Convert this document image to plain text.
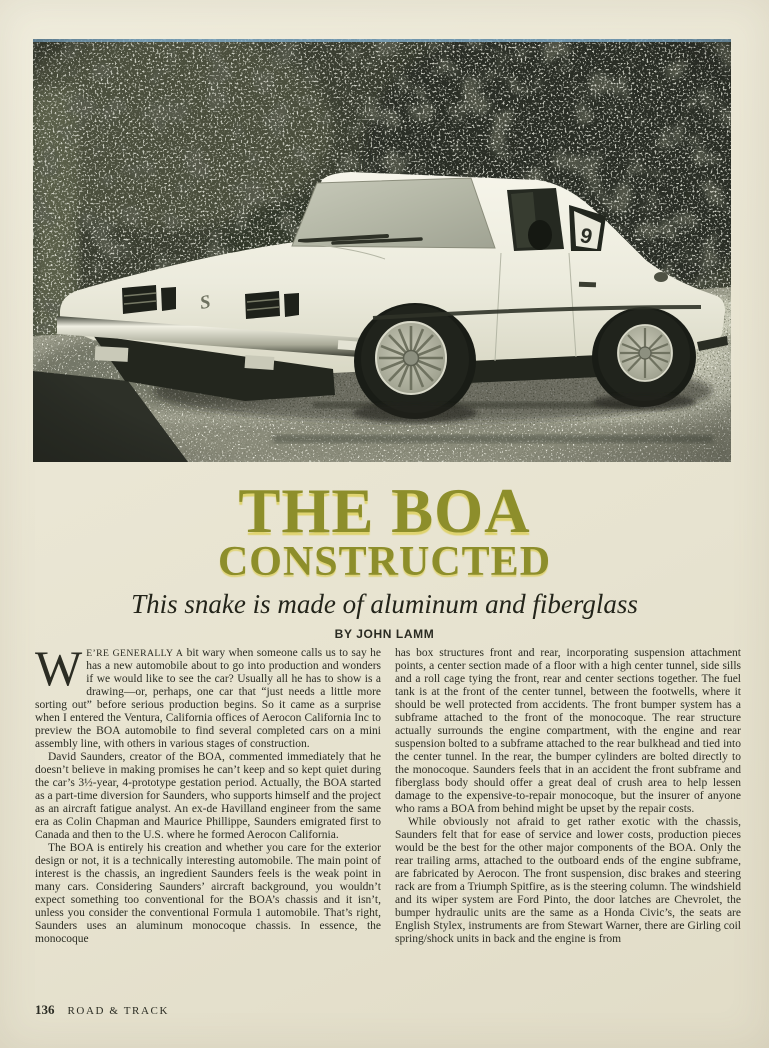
THE BOA
CONSTRUCTED

This snake is made of aluminum and fiberglass

BY JOHN LAMM

W E’RE GENERALLY A bit wary when someone calls us to say he has a new automobile about to go into production and wonders if we would like to see the car? Usually all he has to show is a drawing—or, perhaps, one car that “just needs a little more sorting out” before serious production begins. So it came as a surprise when I entered the Ventura, California offices of Aerocon California Inc to preview the BOA automobile to find several completed cars on a mini assembly line, with others in various stages of construction.

David Saunders, creator of the BOA, commented immediately that he doesn’t believe in making promises he can’t keep and so kept quiet during the car’s 3½-year, 4-prototype gestation period. Actually, the BOA started as a part-time diversion for Saunders, who supports himself and the project as an aircraft fatigue analyst. An ex-de Havilland engineer from the same era as Colin Chapman and Maurice Phillippe, Saunders emigrated first to Canada and then to the U.S. where he formed Aerocon California.

The BOA is entirely his creation and whether you care for the exterior design or not, it is a technically interesting automobile. The main point of interest is the chassis, an ingredient Saunders feels is the weak point in many cars. Considering Saunders’ aircraft background, you wouldn’t expect something too conventional for the BOA’s chassis and it isn’t, unless you consider the conventional Formula 1 automobile. That’s right, Saunders uses an aluminum monocoque chassis. In essence, the monocoque

has box structures front and rear, incorporating suspension attachment points, a center section made of a floor with a high center tunnel, side sills and a roll cage tying the front, rear and center sections together. The fuel tank is at the front of the center tunnel, between the footwells, where it should be well protected from accidents. The front bumper system has a subframe attached to the front of the monocoque. The rear structure actually surrounds the engine compartment, with the engine and rear suspension bolted to a subframe attached to the rear bulkhead and tied into the center tunnel. In the rear, the bumper cylinders are bolted directly to the monocoque. Saunders feels that in an accident the front subframe and fiberglass body should offer a great deal of crush area to help lessen damage to the expensive-to-repair monocoque, but the insurer of anyone who rams a BOA from behind might be upset by the repair costs.

While obviously not afraid to get rather exotic with the chassis, Saunders felt that for ease of service and lower costs, production pieces would be the best for the other major components of the BOA. Only the rear trailing arms, attached to the outboard ends of the engine subframe, are fabricated by Aerocon. The front suspension, disc brakes and steering rack are from a Triumph Spitfire, as is the steering column. The windshield and its wiper system are Ford Pinto, the door latches are Chevrolet, the bumper hydraulic units are the same as a Honda Civic’s, the seats are English Stylex, instruments are from Stewart Warner, there are Girling coil spring/shock units in back and the engine is from

136 ROAD & TRACK
